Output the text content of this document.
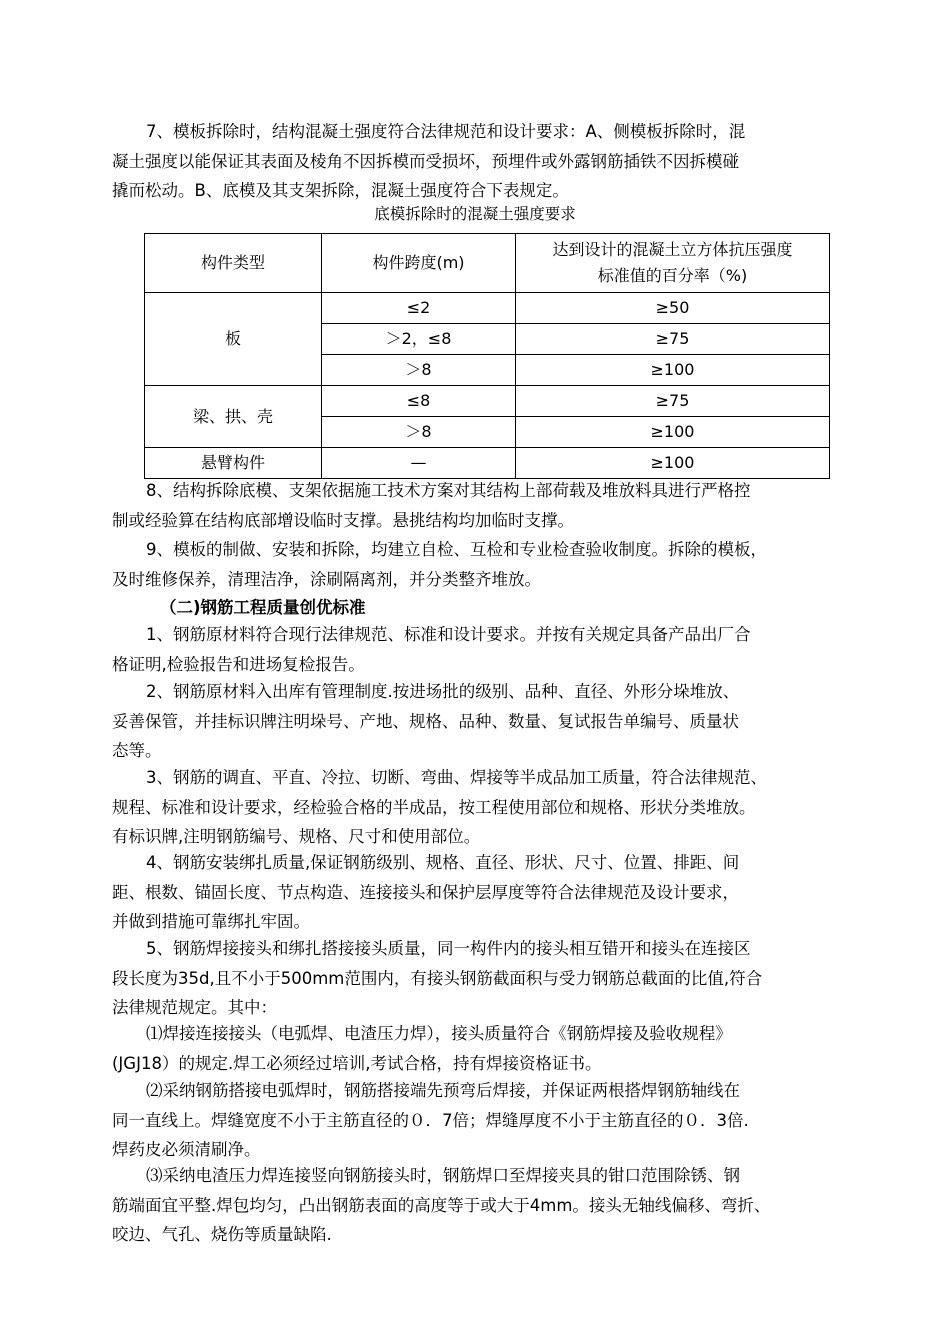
7、模板拆除时，结构混凝土强度符合法律规范和设计要求：A、侧模板拆除时，混
凝土强度以能保证其表面及棱角不因拆模而受损坏，预埋件或外露钢筋插铁不因拆模碰
撬而松动。B、底模及其支架拆除，混凝土强度符合下表规定。

底模拆除时的混凝土强度要求
构件类型	构件跨度(m)	达到设计的混凝土立方体抗压强度
标准值的百分率（%)

板	≤2	≥50
	＞2，≤8	≥75
	＞8	≥100
梁、拱、壳	≤8	≥75
	＞8	≥100
悬臂构件	—	≥100

8、结构拆除底模、支架依据施工技术方案对其结构上部荷载及堆放料具进行严格控
制或经验算在结构底部增设临时支撑。悬挑结构均加临时支撑。

9、模板的制做、安装和拆除，均建立自检、互检和专业检查验收制度。拆除的模板，
及时维修保养，清理洁净，涂刷隔离剂，并分类整齐堆放。

（二)钢筋工程质量创优标准

1、钢筋原材料符合现行法律规范、标准和设计要求。并按有关规定具备产品出厂合
格证明,检验报告和进场复检报告。

2、钢筋原材料入出库有管理制度.按进场批的级别、品种、直径、外形分垛堆放、
妥善保管，并挂标识牌注明垛号、产地、规格、品种、数量、复试报告单编号、质量状
态等。

3、钢筋的调直、平直、冷拉、切断、弯曲、焊接等半成品加工质量，符合法律规范、
规程、标准和设计要求，经检验合格的半成品，按工程使用部位和规格、形状分类堆放。
有标识牌,注明钢筋编号、规格、尺寸和使用部位。

4、钢筋安装绑扎质量,保证钢筋级别、规格、直径、形状、尺寸、位置、排距、间
距、根数、锚固长度、节点构造、连接接头和保护层厚度等符合法律规范及设计要求，
并做到措施可靠绑扎牢固。

5、钢筋焊接接头和绑扎搭接接头质量，同一构件内的接头相互错开和接头在连接区
段长度为35d,且不小于500mm范围内，有接头钢筋截面积与受力钢筋总截面的比值,符合
法律规范规定。其中：

⑴焊接连接接头（电弧焊、电渣压力焊），接头质量符合《钢筋焊接及验收规程》
(JGJ18）的规定.焊工必须经过培训,考试合格，持有焊接资格证书。

⑵采纳钢筋搭接电弧焊时，钢筋搭接端先预弯后焊接，并保证两根搭焊钢筋轴线在
同一直线上。焊缝宽度不小于主筋直径的０．7倍；焊缝厚度不小于主筋直径的０．3倍.
焊药皮必须清刷净。

⑶采纳电渣压力焊连接竖向钢筋接头时，钢筋焊口至焊接夹具的钳口范围除锈、钢
筋端面宜平整.焊包均匀，凸出钢筋表面的高度等于或大于4mm。接头无轴线偏移、弯折、
咬边、气孔、烧伤等质量缺陷.
